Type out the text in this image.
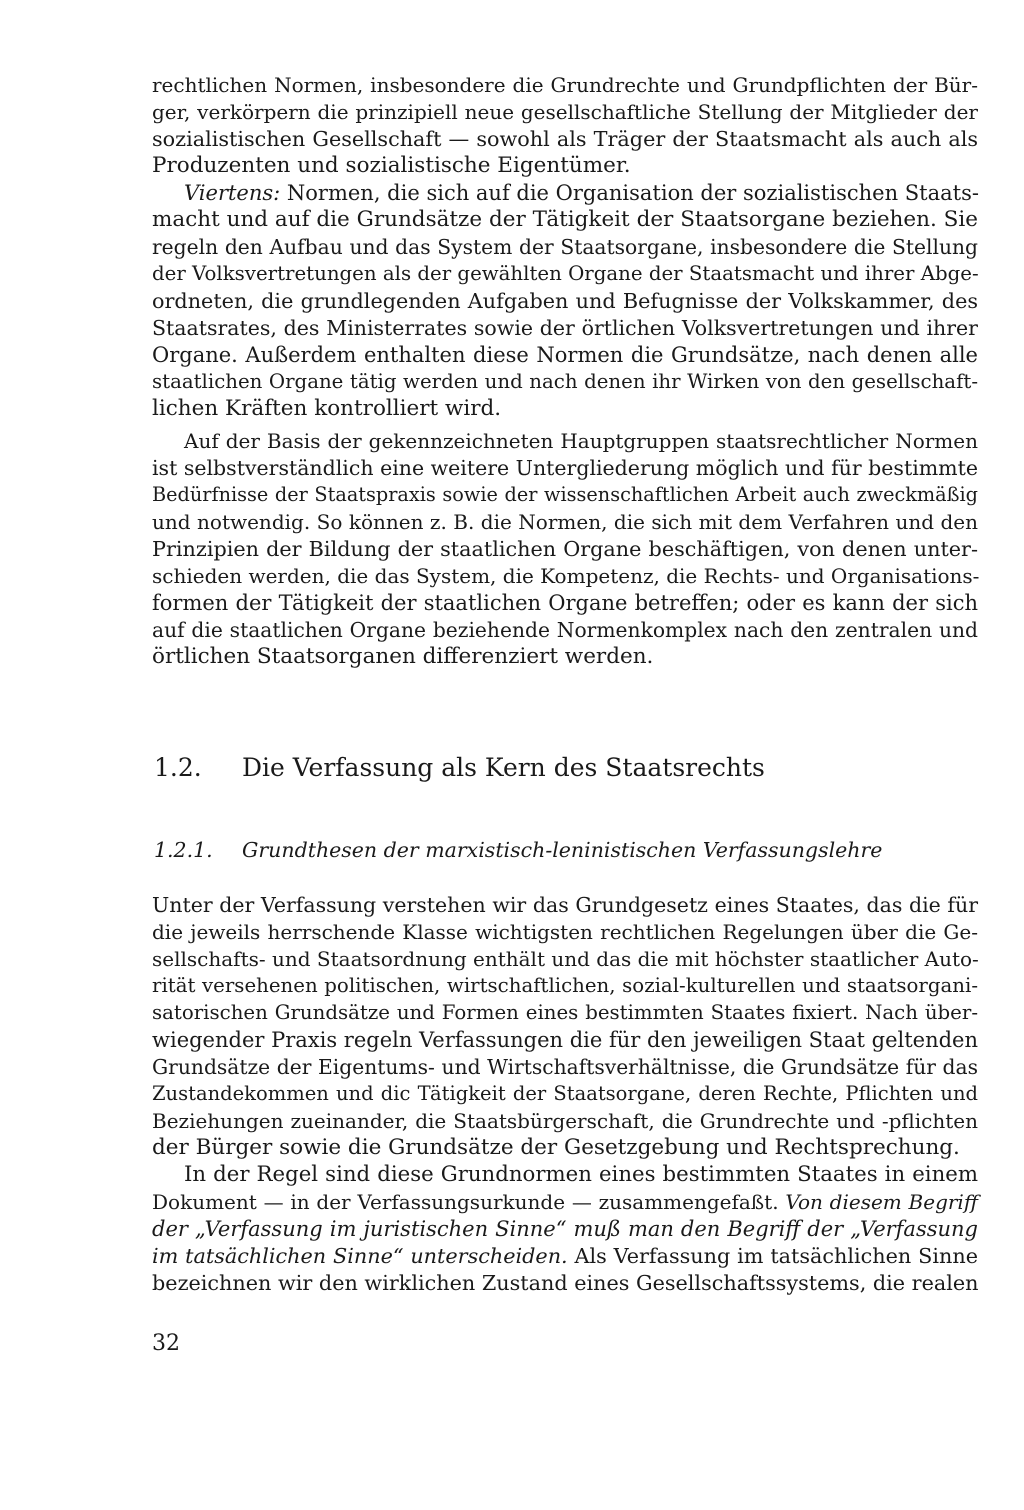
rechtlichen Normen, insbesondere die Grundrechte und Grundpflichten der Bür-

ger, verkörpern die prinzipiell neue gesellschaftliche Stellung der Mitglieder der

sozialistischen Gesellschaft — sowohl als Träger der Staatsmacht als auch als

Produzenten und sozialistische Eigentümer.

Viertens: Normen, die sich auf die Organisation der sozialistischen Staats-

macht und auf die Grundsätze der Tätigkeit der Staatsorgane beziehen. Sie

regeln den Aufbau und das System der Staatsorgane, insbesondere die Stellung

der Volksvertretungen als der gewählten Organe der Staatsmacht und ihrer Abge-

ordneten, die grundlegenden Aufgaben und Befugnisse der Volkskammer, des

Staatsrates, des Ministerrates sowie der örtlichen Volksvertretungen und ihrer

Organe. Außerdem enthalten diese Normen die Grundsätze, nach denen alle

staatlichen Organe tätig werden und nach denen ihr Wirken von den gesellschaft-

lichen Kräften kontrolliert wird.

Auf der Basis der gekennzeichneten Hauptgruppen staatsrechtlicher Normen

ist selbstverständlich eine weitere Untergliederung möglich und für bestimmte

Bedürfnisse der Staatspraxis sowie der wissenschaftlichen Arbeit auch zweckmäßig

und notwendig. So können z. B. die Normen, die sich mit dem Verfahren und den

Prinzipien der Bildung der staatlichen Organe beschäftigen, von denen unter-

schieden werden, die das System, die Kompetenz, die Rechts- und Organisations-

formen der Tätigkeit der staatlichen Organe betreffen; oder es kann der sich

auf die staatlichen Organe beziehende Normenkomplex nach den zentralen und

örtlichen Staatsorganen differenziert werden.

1.2. Die Verfassung als Kern des Staatsrechts
1.2.1. Grundthesen der marxistisch-leninistischen Verfassungslehre

Unter der Verfassung verstehen wir das Grundgesetz eines Staates, das die für

die jeweils herrschende Klasse wichtigsten rechtlichen Regelungen über die Ge-

sellschafts- und Staatsordnung enthält und das die mit höchster staatlicher Auto-

rität versehenen politischen, wirtschaftlichen, sozial-kulturellen und staatsorgani-

satorischen Grundsätze und Formen eines bestimmten Staates fixiert. Nach über-

wiegender Praxis regeln Verfassungen die für den jeweiligen Staat geltenden

Grundsätze der Eigentums- und Wirtschaftsverhältnisse, die Grundsätze für das

Zustandekommen und dic Tätigkeit der Staatsorgane, deren Rechte, Pflichten und

Beziehungen zueinander, die Staatsbürgerschaft, die Grundrechte und -pflichten

der Bürger sowie die Grundsätze der Gesetzgebung und Rechtsprechung.

In der Regel sind diese Grundnormen eines bestimmten Staates in einem

Dokument — in der Verfassungsurkunde — zusammengefaßt. Von diesem Begriff

der „Verfassung im juristischen Sinne“ muß man den Begriff der „Verfassung

im tatsächlichen Sinne“ unterscheiden. Als Verfassung im tatsächlichen Sinne

bezeichnen wir den wirklichen Zustand eines Gesellschaftssystems, die realen

32
